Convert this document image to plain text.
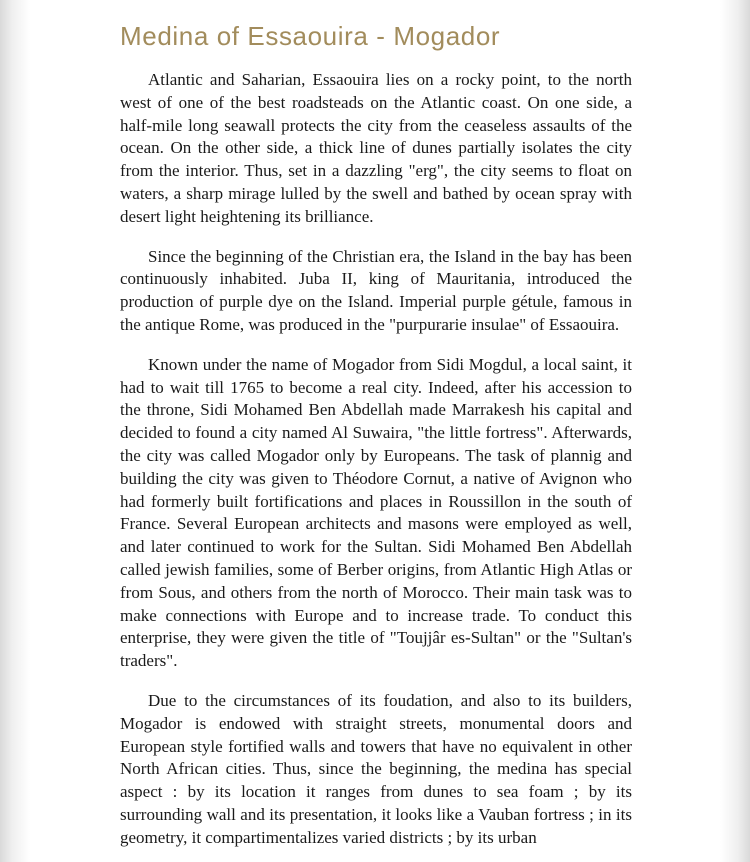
Medina of Essaouira - Mogador

Atlantic and Saharian, Essaouira lies on a rocky point, to the north west of one of the best roadsteads on the Atlantic coast. On one side, a half-mile long seawall protects the city from the ceaseless assaults of the ocean. On the other side, a thick line of dunes partially isolates the city from the interior. Thus, set in a dazzling "erg", the city seems to float on waters, a sharp mirage lulled by the swell and bathed by ocean spray with desert light heightening its brilliance.

Since the beginning of the Christian era, the Island in the bay has been continuously inhabited. Juba II, king of Mauritania, introduced the production of purple dye on the Island. Imperial purple gétule, famous in the antique Rome, was produced in the "purpurarie insulae" of Essaouira.

Known under the name of Mogador from Sidi Mogdul, a local saint, it had to wait till 1765 to become a real city. Indeed, after his accession to the throne, Sidi Mohamed Ben Abdellah made Marrakesh his capital and decided to found a city named Al Suwaira, "the little fortress". Afterwards, the city was called Mogador only by Europeans. The task of plannig and building the city was given to Théodore Cornut, a native of Avignon who had formerly built fortifications and places in Roussillon in the south of France. Several European architects and masons were employed as well, and later continued to work for the Sultan. Sidi Mohamed Ben Abdellah called jewish families, some of Berber origins, from Atlantic High Atlas or from Sous, and others from the north of Morocco. Their main task was to make connections with Europe and to increase trade. To conduct this enterprise, they were given the title of "Toujjâr es-Sultan" or the "Sultan's traders".

Due to the circumstances of its foudation, and also to its builders, Mogador is endowed with straight streets, monumental doors and European style fortified walls and towers that have no equivalent in other North African cities. Thus, since the beginning, the medina has special aspect : by its location it ranges from dunes to sea foam ; by its surrounding wall and its presentation, it looks like a Vauban fortress ; in its geometry, it compartimentalizes varied districts ; by its urban
